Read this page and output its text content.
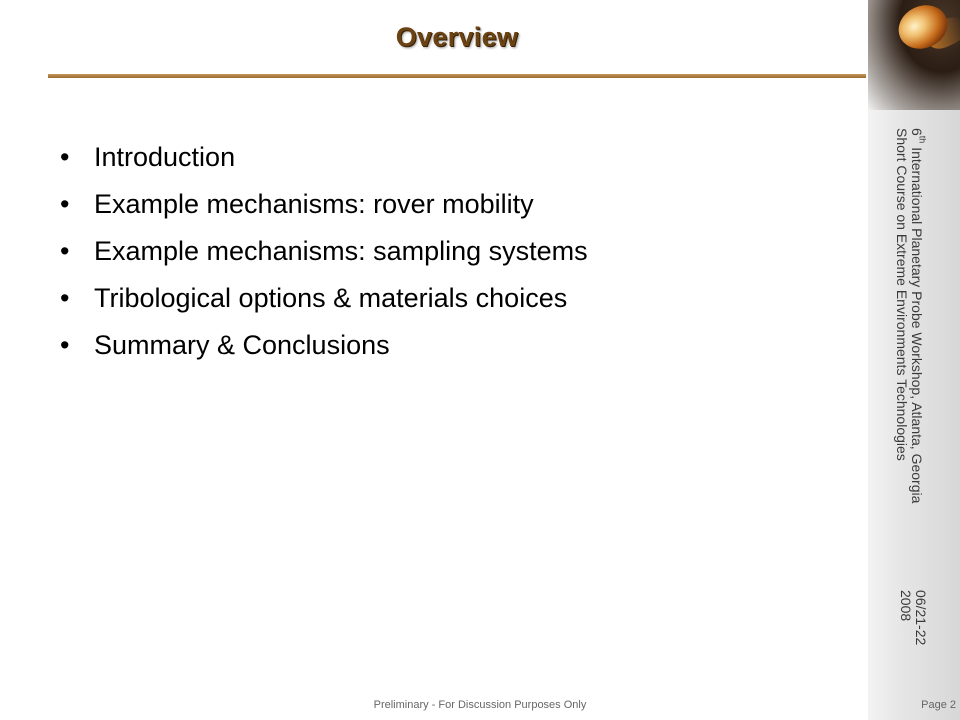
Overview
• Introduction
• Example mechanisms: rover mobility
• Example mechanisms: sampling systems
• Tribological options & materials choices
• Summary & Conclusions
6th International Planetary Probe Workshop, Atlanta, Georgia
Short Course on Extreme Environments Technologies
06/21-22
2008
Preliminary - For Discussion Purposes Only	Page 2
